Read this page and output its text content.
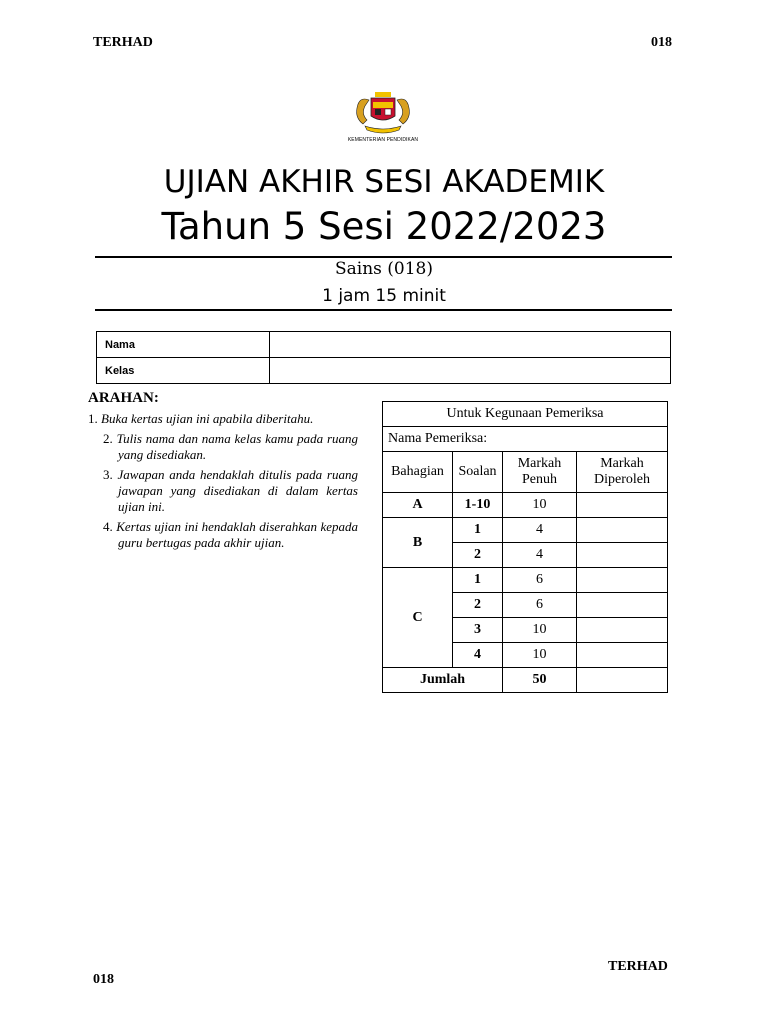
TERHAD	018
KEMENTERIAN PENDIDIKAN
UJIAN AKHIR SESI AKADEMIK
Tahun 5 Sesi 2022/2023
Sains (018)
1 jam 15 minit
Nama	
Kelas	
ARAHAN:
1. Buka kertas ujian ini apabila diberitahu.
2. Tulis nama dan nama kelas kamu pada ruang yang disediakan.
3. Jawapan anda hendaklah ditulis pada ruang jawapan yang disediakan di dalam kertas ujian ini.
4. Kertas ujian ini hendaklah diserahkan kepada guru bertugas pada akhir ujian.
Untuk Kegunaan Pemeriksa			
Nama Pemeriksa:			
Bahagian	Soalan	Markah Penuh	Markah Diperoleh
A	1-10	10	
B	1	4	
	2	4	
C	1	6	
	2	6	
	3	10	
	4	10	
Jumlah		50	
TERHAD
018
